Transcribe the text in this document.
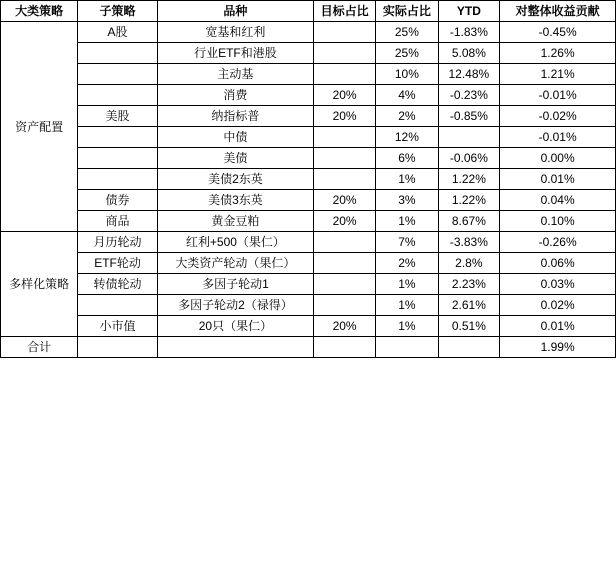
大类策略	子策略	品种	目标占比	实际占比	YTD	对整体收益贡献
资产配置	A股	宽基和红利		25%	-1.83%	-0.45%
		行业ETF和港股		25%	5.08%	1.26%
		主动基		10%	12.48%	1.21%
		消费	20%	4%	-0.23%	-0.01%
	美股	纳指标普	20%	2%	-0.85%	-0.02%
		中债		12%		-0.01%
		美债		6%	-0.06%	0.00%
		美债2东英		1%	1.22%	0.01%
	债券	美债3东英	20%	3%	1.22%	0.04%
	商品	黄金豆粕	20%	1%	8.67%	0.10%
多样化策略	月历轮动	红利+500（果仁）		7%	-3.83%	-0.26%
	ETF轮动	大类资产轮动（果仁）		2%	2.8%	0.06%
	转债轮动	多因子轮动1		1%	2.23%	0.03%
		多因子轮动2（禄得）		1%	2.61%	0.02%
	小市值	20只（果仁）	20%	1%	0.51%	0.01%
合计						1.99%
